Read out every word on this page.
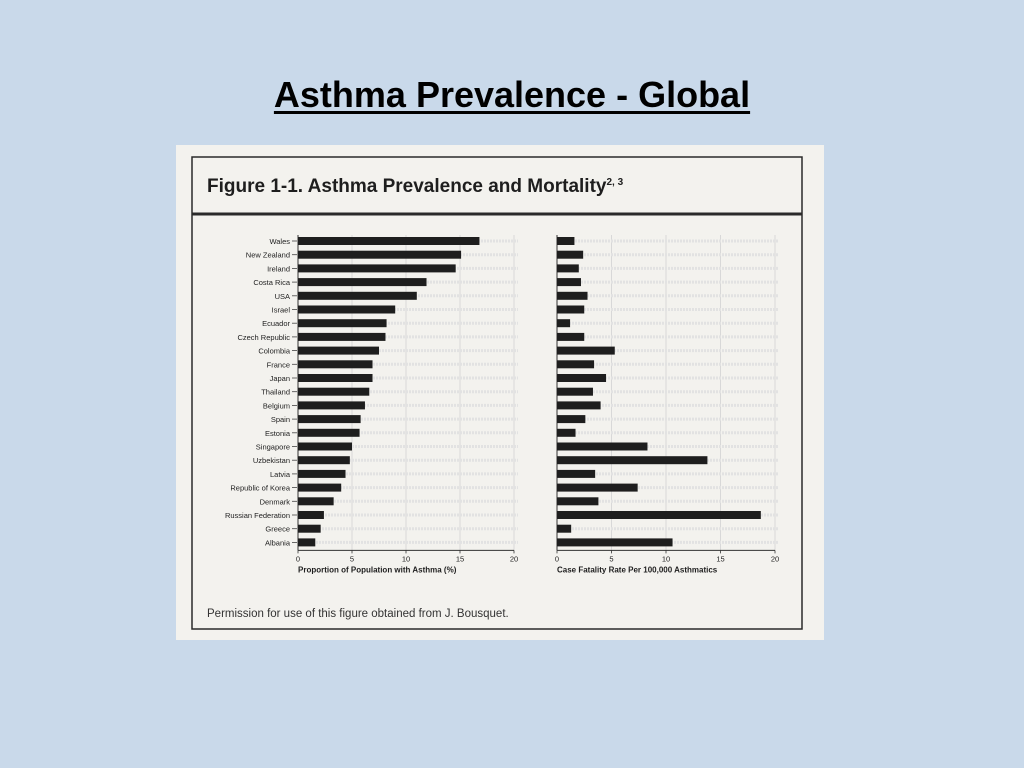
Asthma Prevalence - Global
Figure 1-1. Asthma Prevalence and Mortality$^{2, 3}$
Permission for use of this figure obtained from J. Bousquet.
Wales
New Zealand
Ireland
Costa Rica
USA
Israel
Ecuador
Czech Republic
Colombia
France
Japan
Thailand
Belgium
Spain
Estonia
Singapore
Uzbekistan
Latvia
Republic of Korea
Denmark
Russian Federation
Greece
Albania
0	5	10	15	20
Proportion of Population with Asthma (%)
0	5	10	15	20
Case Fatality Rate Per 100,000 Asthmatics
